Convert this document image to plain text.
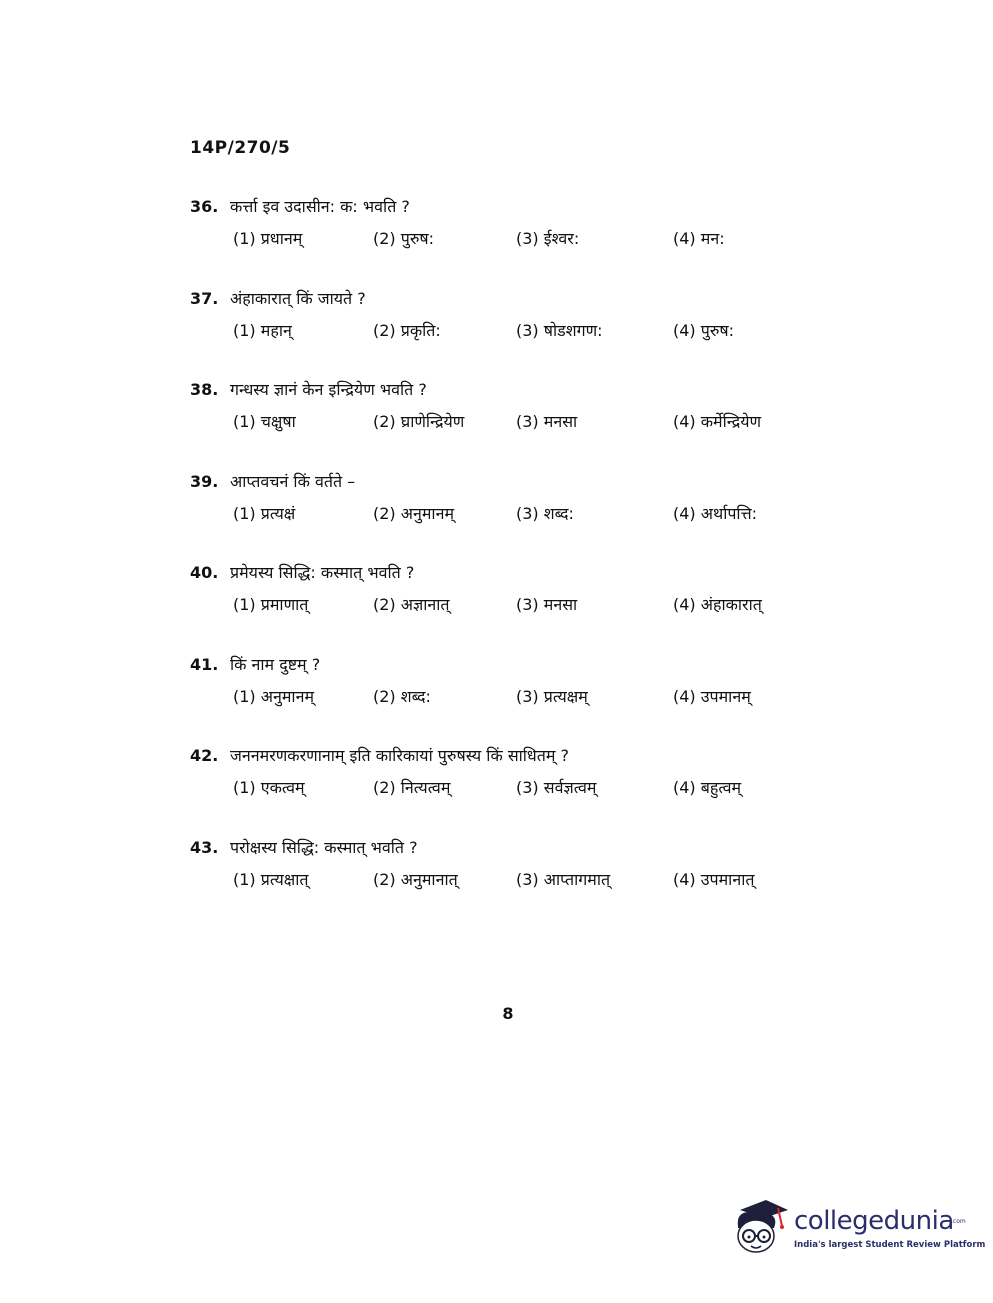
14P/270/5
36. कर्त्ता इव उदासीन: क: भवति ?
(1) प्रधानम्	(2) पुरुष:	(3) ईश्वर:	(4) मन:
37. अंहाकारात् किं जायते ?
(1) महान्	(2) प्रकृति:	(3) षोडशगण:	(4) पुरुष:
38. गन्धस्य ज्ञानं केन इन्द्रियेण भवति ?
(1) चक्षुषा	(2) घ्राणेन्द्रियेण	(3) मनसा	(4) कर्मेन्द्रियेण
39. आप्तवचनं किं वर्तते –
(1) प्रत्यक्षं	(2) अनुमानम्	(3) शब्द:	(4) अर्थापत्ति:
40. प्रमेयस्य सिद्धि: कस्मात् भवति ?
(1) प्रमाणात्	(2) अज्ञानात्	(3) मनसा	(4) अंहाकारात्
41. किं नाम दुष्टम् ?
(1) अनुमानम्	(2) शब्द:	(3) प्रत्यक्षम्	(4) उपमानम्
42. जननमरणकरणानाम् इति कारिकायां पुरुषस्य किं साधितम् ?
(1) एकत्वम्	(2) नित्यत्वम्	(3) सर्वज्ञत्वम्	(4) बहुत्वम्
43. परोक्षस्य सिद्धि: कस्मात् भवति ?
(1) प्रत्यक्षात्	(2) अनुमानात्	(3) आप्तागमात्	(4) उपमानात्
8
collegedunia
.com
India's largest Student Review Platform
